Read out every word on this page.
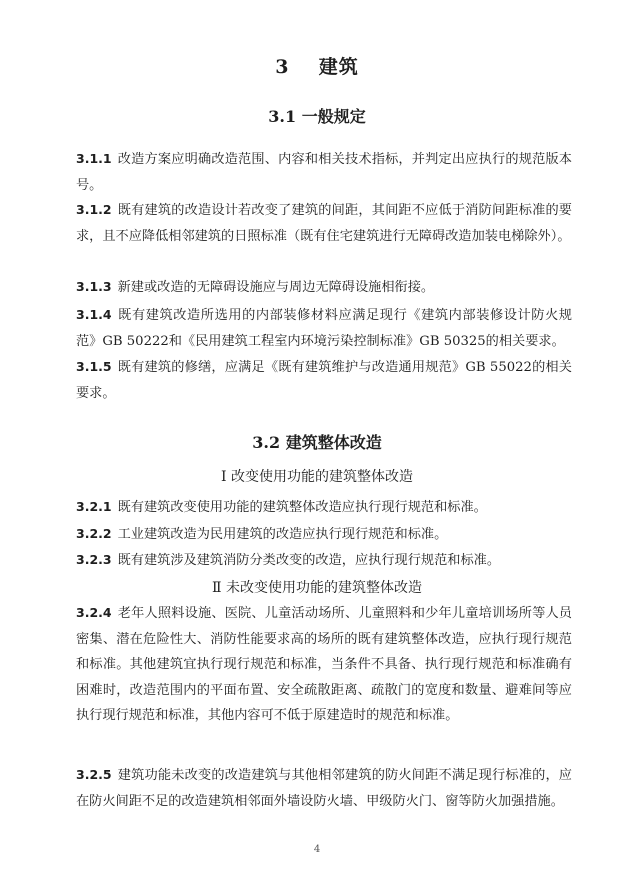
3 建筑
3.1 一般规定
3.1.1 改造方案应明确改造范围、内容和相关技术指标，并判定出应执行的规范版本号。
3.1.2 既有建筑的改造设计若改变了建筑的间距，其间距不应低于消防间距标准的要求，且不应降低相邻建筑的日照标准（既有住宅建筑进行无障碍改造加装电梯除外）。
3.1.3 新建或改造的无障碍设施应与周边无障碍设施相衔接。
3.1.4 既有建筑改造所选用的内部装修材料应满足现行《建筑内部装修设计防火规范》GB 50222和《民用建筑工程室内环境污染控制标准》GB 50325的相关要求。
3.1.5 既有建筑的修缮，应满足《既有建筑维护与改造通用规范》GB 55022的相关要求。
3.2 建筑整体改造
Ⅰ 改变使用功能的建筑整体改造
3.2.1 既有建筑改变使用功能的建筑整体改造应执行现行规范和标准。
3.2.2 工业建筑改造为民用建筑的改造应执行现行规范和标准。
3.2.3 既有建筑涉及建筑消防分类改变的改造，应执行现行规范和标准。
Ⅱ 未改变使用功能的建筑整体改造
3.2.4 老年人照料设施、医院、儿童活动场所、儿童照料和少年儿童培训场所等人员密集、潜在危险性大、消防性能要求高的场所的既有建筑整体改造，应执行现行规范和标准。其他建筑宜执行现行规范和标准，当条件不具备、执行现行规范和标准确有困难时，改造范围内的平面布置、安全疏散距离、疏散门的宽度和数量、避难间等应执行现行规范和标准，其他内容可不低于原建造时的规范和标准。
3.2.5 建筑功能未改变的改造建筑与其他相邻建筑的防火间距不满足现行标准的，应在防火间距不足的改造建筑相邻面外墙设防火墙、甲级防火门、窗等防火加强措施。
4
